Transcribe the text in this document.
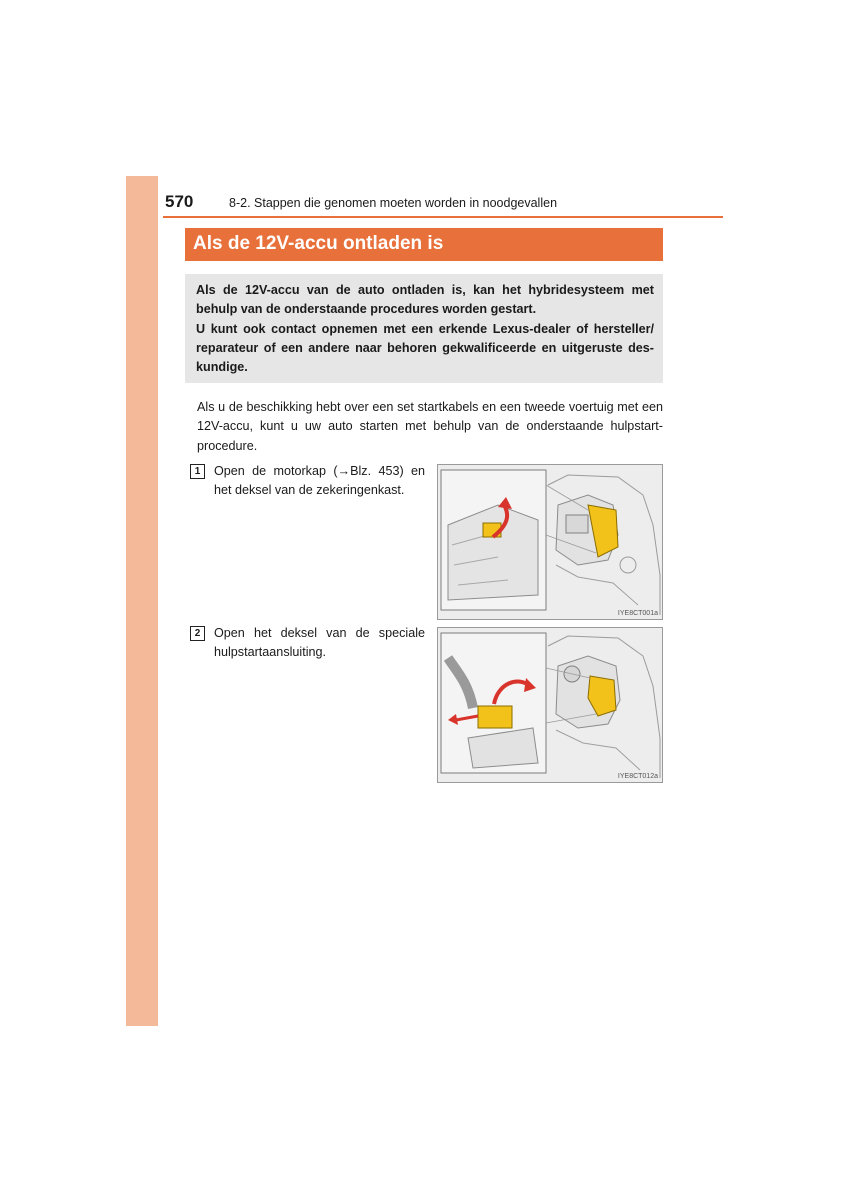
570	8-2. Stappen die genomen moeten worden in noodgevallen
Als de 12V-accu ontladen is

Als de 12V-accu van de auto ontladen is, kan het hybridesysteem met behulp van de onderstaande procedures worden gestart.

U kunt ook contact opnemen met een erkende Lexus-dealer of hersteller/ reparateur of een andere naar behoren gekwalificeerde en uitgeruste des-kundige.

Als u de beschikking hebt over een set startkabels en een tweede voertuig met een 12V-accu, kunt u uw auto starten met behulp van de onderstaande hulpstart-procedure.

1	Open de motorkap (→Blz. 453) en het deksel van de zekeringenkast.
IYE8CT001a
2	Open het deksel van de speciale hulpstartaansluiting.
IYE8CT012a
